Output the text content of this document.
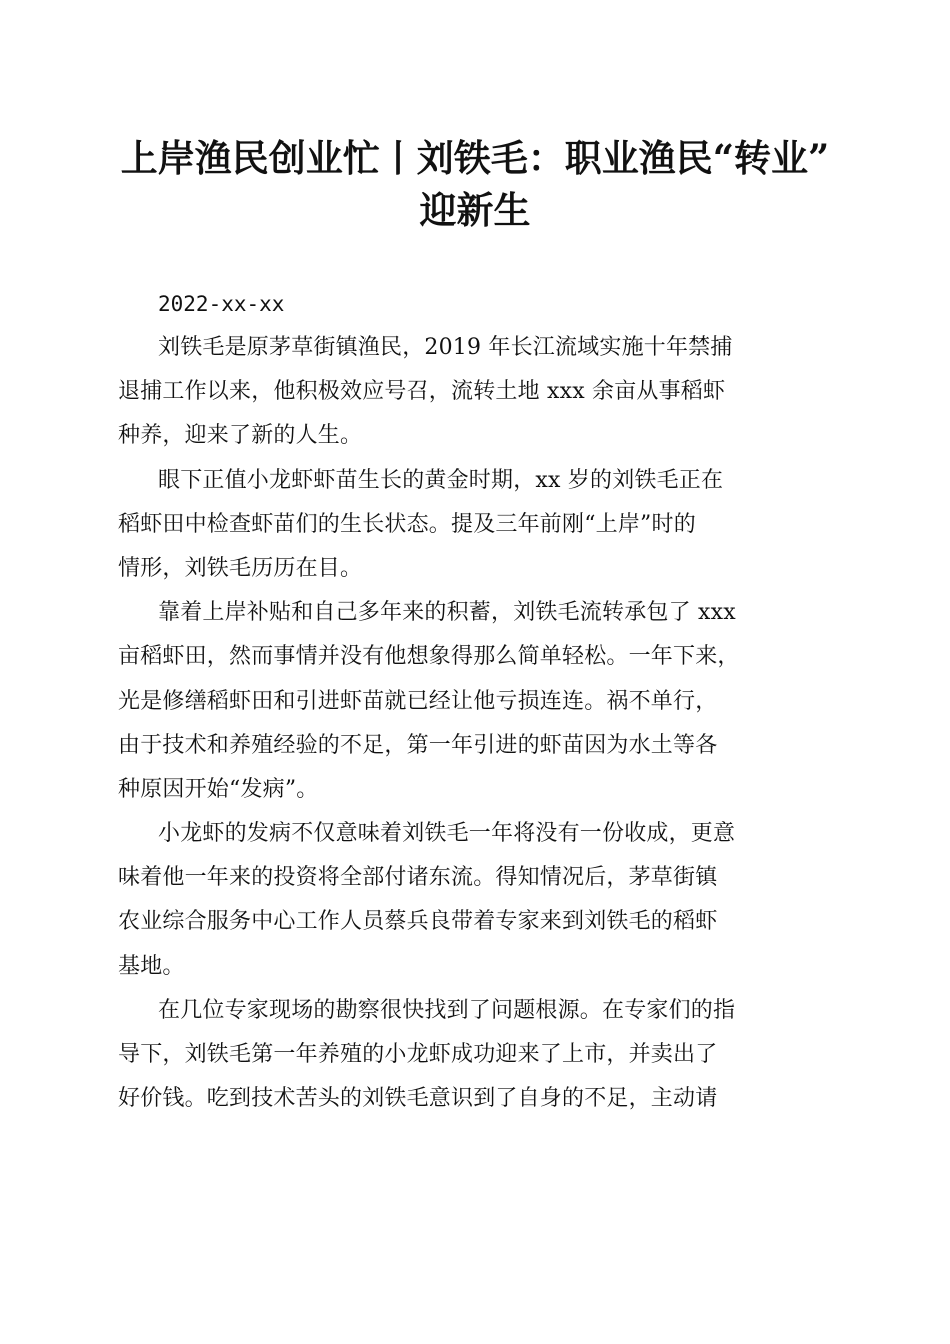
上岸渔民创业忙丨刘铁毛：职业渔民“转业”
迎新生
2022-xx-xx
刘铁毛是原茅草街镇渔民，2019 年长江流域实施十年禁捕
退捕工作以来，他积极效应号召，流转土地 xxx 余亩从事稻虾
种养，迎来了新的人生。
眼下正值小龙虾虾苗生长的黄金时期，xx 岁的刘铁毛正在
稻虾田中检查虾苗们的生长状态。提及三年前刚“上岸”时的
情形，刘铁毛历历在目。
靠着上岸补贴和自己多年来的积蓄，刘铁毛流转承包了 xxx
亩稻虾田，然而事情并没有他想象得那么简单轻松。一年下来，
光是修缮稻虾田和引进虾苗就已经让他亏损连连。祸不单行，
由于技术和养殖经验的不足，第一年引进的虾苗因为水土等各
种原因开始“发病”。
小龙虾的发病不仅意味着刘铁毛一年将没有一份收成，更意
味着他一年来的投资将全部付诸东流。得知情况后，茅草街镇
农业综合服务中心工作人员蔡兵良带着专家来到刘铁毛的稻虾
基地。
在几位专家现场的勘察很快找到了问题根源。在专家们的指
导下，刘铁毛第一年养殖的小龙虾成功迎来了上市，并卖出了
好价钱。吃到技术苦头的刘铁毛意识到了自身的不足，主动请
